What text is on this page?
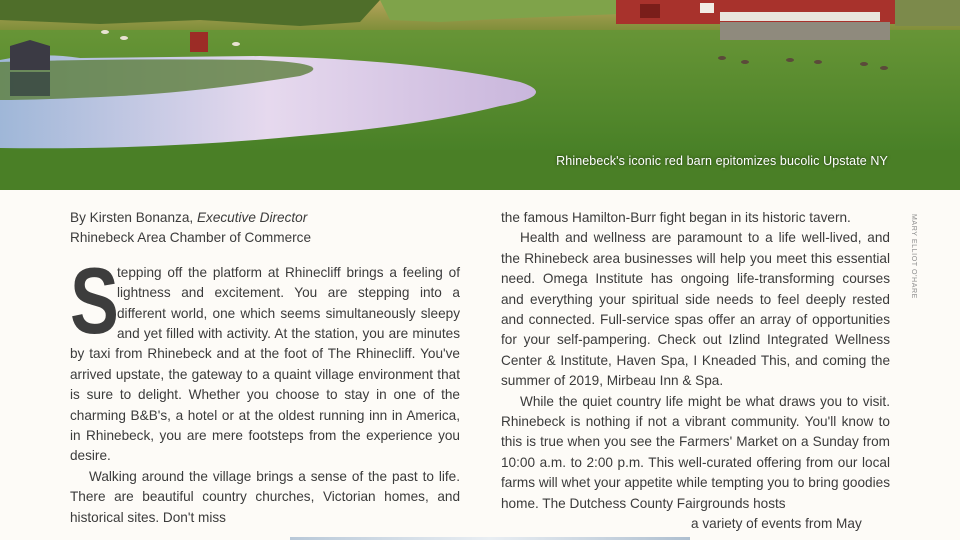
Rhinebeck's iconic red barn epitomizes bucolic Upstate NY
MARY ELLIOT O'HARE

By Kirsten Bonanza, Executive Director
Rhinebeck Area Chamber of Commerce

S
tepping off the platform at Rhinecliff brings a feeling of lightness and excitement. You are stepping into a different world, one which seems simultaneously sleepy and yet filled with activity. At the station, you are minutes by taxi from Rhinebeck and at the foot of The Rhinecliff. You've arrived upstate, the gateway to a quaint village environment that is sure to delight. Whether you choose to stay in one of the charming B&B's, a hotel or at the oldest running inn in America, in Rhinebeck, you are mere footsteps from the experience you desire.

Walking around the village brings a sense of the past to life. There are beautiful country churches, Victorian homes, and historical sites. Don't miss

the famous Hamilton-Burr fight began in its historic tavern.

Health and wellness are paramount to a life well-lived, and the Rhinebeck area businesses will help you meet this essential need. Omega Institute has ongoing life-transforming courses and everything your spiritual side needs to feel deeply rested and connected. Full-service spas offer an array of opportunities for your self-pampering. Check out Izlind Integrated Wellness Center & Institute, Haven Spa, I Kneaded This, and coming the summer of 2019, Mirbeau Inn & Spa.

While the quiet country life might be what draws you to visit. Rhinebeck is nothing if not a vibrant community. You'll know to this is true when you see the Farmers' Market on a Sunday from 10:00 a.m. to 2:00 p.m. This well-curated offering from our local farms will whet your appetite while tempting you to bring goodies home. The Dutchess County Fairgrounds hosts

a variety of events from May
